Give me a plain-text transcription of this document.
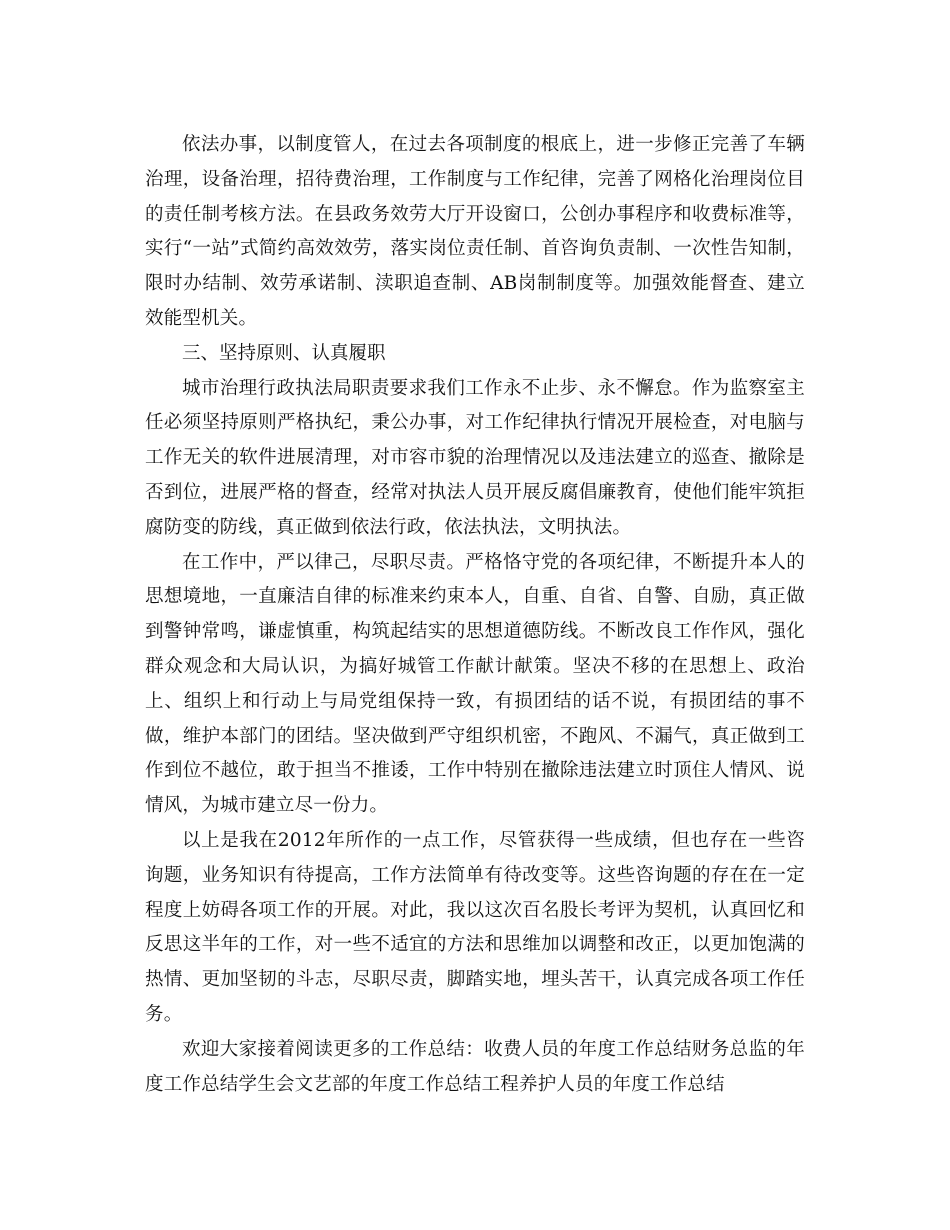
依法办事，以制度管人，在过去各项制度的根底上，进一步修正完善了车辆治理，设备治理，招待费治理，工作制度与工作纪律，完善了网格化治理岗位目的责任制考核方法。在县政务效劳大厅开设窗口，公创办事程序和收费标准等，实行“一站”式简约高效效劳，落实岗位责任制、首咨询负责制、一次性告知制，限时办结制、效劳承诺制、渎职追查制、AB岗制制度等。加强效能督查、建立效能型机关。

三、坚持原则、认真履职

城市治理行政执法局职责要求我们工作永不止步、永不懈怠。作为监察室主任必须坚持原则严格执纪，秉公办事，对工作纪律执行情况开展检查，对电脑与工作无关的软件进展清理，对市容市貌的治理情况以及违法建立的巡查、撤除是否到位，进展严格的督查，经常对执法人员开展反腐倡廉教育，使他们能牢筑拒腐防变的防线，真正做到依法行政，依法执法，文明执法。

在工作中，严以律己，尽职尽责。严格恪守党的各项纪律，不断提升本人的思想境地，一直廉洁自律的标准来约束本人，自重、自省、自警、自励，真正做到警钟常鸣，谦虚慎重，构筑起结实的思想道德防线。不断改良工作作风，强化群众观念和大局认识，为搞好城管工作献计献策。坚决不移的在思想上、政治上、组织上和行动上与局党组保持一致，有损团结的话不说，有损团结的事不做，维护本部门的团结。坚决做到严守组织机密，不跑风、不漏气，真正做到工作到位不越位，敢于担当不推诿，工作中特别在撤除违法建立时顶住人情风、说情风，为城市建立尽一份力。

以上是我在2012年所作的一点工作，尽管获得一些成绩，但也存在一些咨询题，业务知识有待提高，工作方法简单有待改变等。这些咨询题的存在在一定程度上妨碍各项工作的开展。对此，我以这次百名股长考评为契机，认真回忆和反思这半年的工作，对一些不适宜的方法和思维加以调整和改正，以更加饱满的热情、更加坚韧的斗志，尽职尽责，脚踏实地，埋头苦干，认真完成各项工作任务。

欢迎大家接着阅读更多的工作总结：收费人员的年度工作总结财务总监的年度工作总结学生会文艺部的年度工作总结工程养护人员的年度工作总结
